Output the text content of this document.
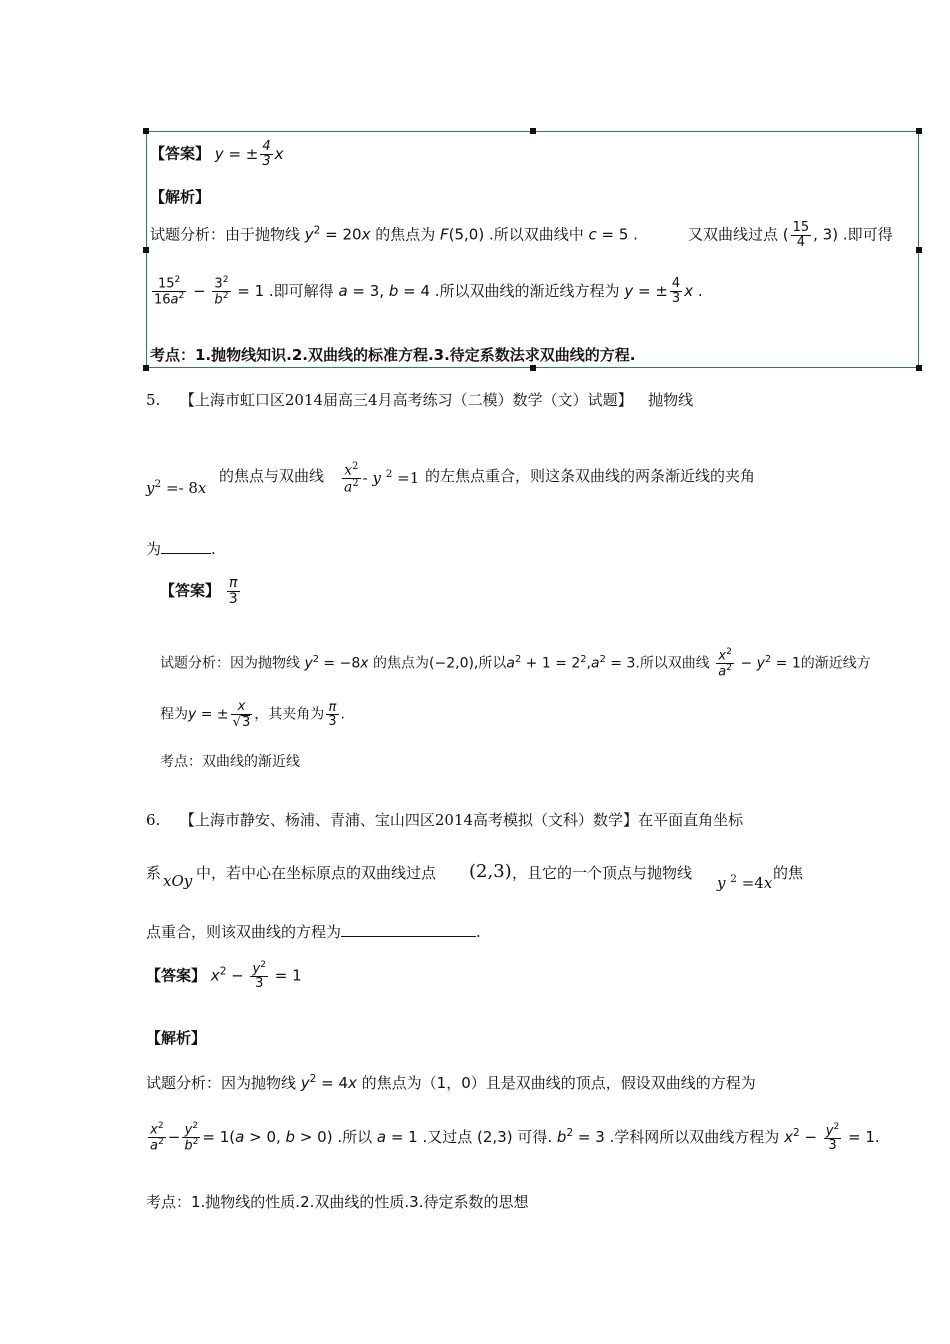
【答案】 y = ± $\frac{4}{3}$ x
【解析】
试题分析：由于抛物线 $y^2 = 20x$ 的焦点为 F(5,0) .所以双曲线中 c = 5 .	又双曲线过点 ( $\frac{15}{4}$ , 3) .即可得
$\frac{15^2}{16a^2} - \frac{3^2}{b^2} = 1$ .即可解得 a = 3, b = 4 .所以双曲线的渐近线方程为 y = ± $\frac{4}{3}$ x .
考点：1.抛物线知识.2.双曲线的标准方程.3.待定系数法求双曲线的方程.
5. 【上海市虹口区2014届高三4月高考练习（二模）数学（文）试题】 抛物线
$y^2 =- 8x$
的焦点与双曲线 $\frac{x^2}{a^2}$ - y $^2$ =1 的左焦点重合，则这条双曲线的两条渐近线的夹角
为	.
【答案】 $\frac{\pi}{3}$
试题分析：因为抛物线 $y^2 = -8x$ 的焦点为(−2,0),所以$a^2 + 1 = 2^2,a^2 = 3$.所以双曲线 $\frac{x^2}{a^2} - y^2 = 1$的渐近线方
程为y = ± $\frac{x}{√3}$ ，其夹角为 $\frac{\pi}{3}$ .
考点：双曲线的渐近线
6. 【上海市静安、杨浦、青浦、宝山四区2014高考模拟（文科）数学】在平面直角坐标
系 xOy 中，若中心在坐标原点的双曲线过点 (2,3) ，且它的一个顶点与抛物线
y $^2$ =4x
的焦
点重合，则该双曲线的方程为	.
【答案】 $x^2 - \frac{y^2}{3} = 1$
【解析】
试题分析：因为抛物线 $y^2 = 4x$ 的焦点为（1，0）且是双曲线的顶点，假设双曲线的方程为
$\frac{x^2}{a^2} - \frac{y^2}{b^2} = 1(a > 0$, b > 0) .所以 a = 1 .又过点 (2,3) 可得. $b^2 = 3$ .学科网所以双曲线方程为 $x^2 - \frac{y^2}{3} = 1$.
考点：1.抛物线的性质.2.双曲线的性质.3.待定系数的思想
